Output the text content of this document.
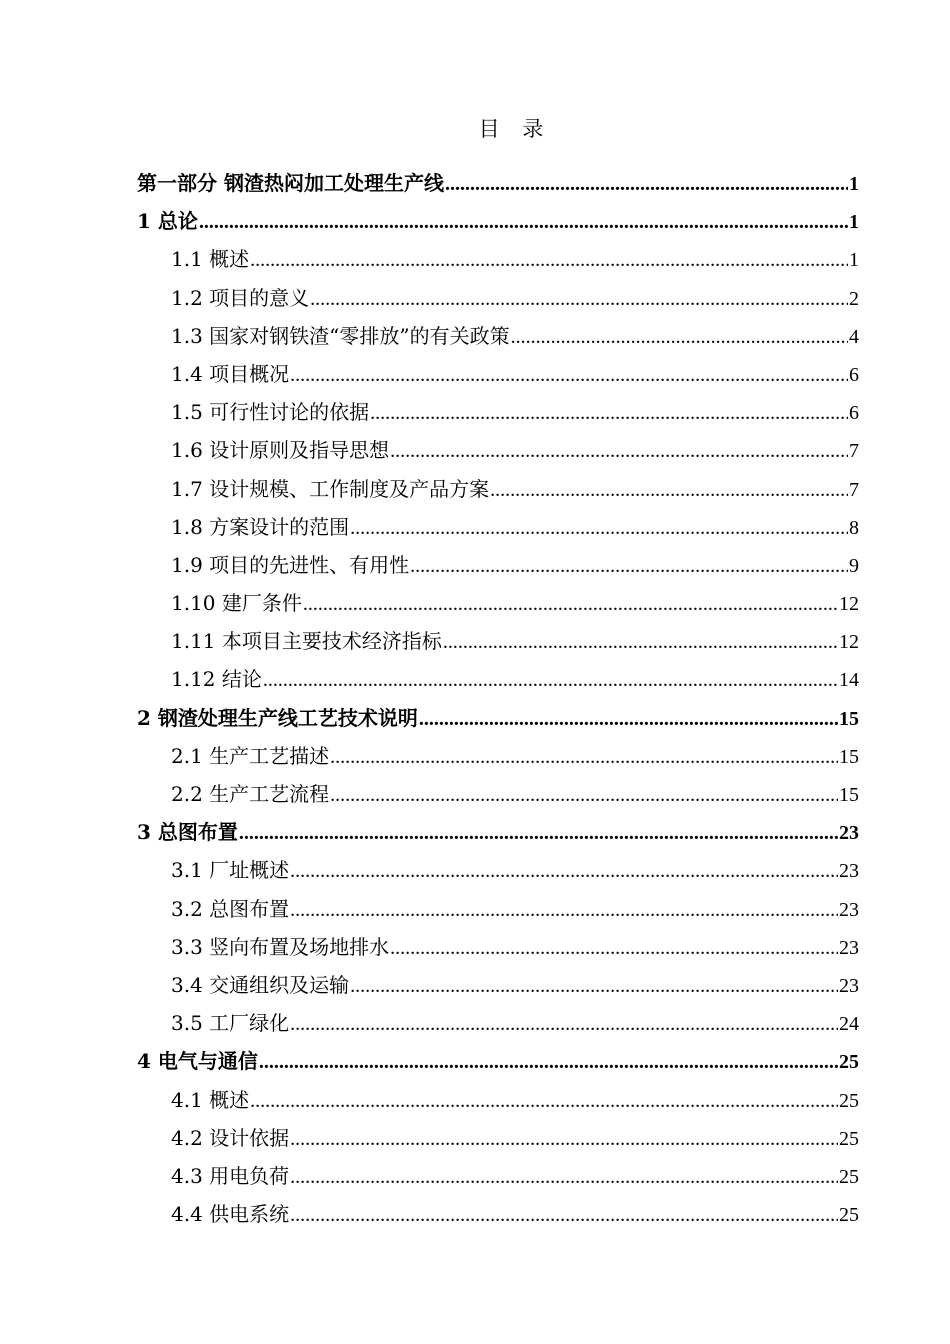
目 录
第一部分 钢渣热闷加工处理生产线 .....	1
1 总论 .....	1
1.1 概述 .....	1
1.2 项目的意义 .....	2
1.3 国家对钢铁渣“零排放”的有关政策 .....	4
1.4 项目概况 .....	6
1.5 可行性讨论的依据 .....	6
1.6 设计原则及指导思想 .....	7
1.7 设计规模、工作制度及产品方案 .....	7
1.8 方案设计的范围 .....	8
1.9 项目的先进性、有用性 .....	9
1.10 建厂条件 .....	12
1.11 本项目主要技术经济指标 .....	12
1.12 结论 .....	14
2 钢渣处理生产线工艺技术说明 .....	15
2.1 生产工艺描述 .....	15
2.2 生产工艺流程 .....	15
3 总图布置 .....	23
3.1 厂址概述 .....	23
3.2 总图布置 .....	23
3.3 竖向布置及场地排水 .....	23
3.4 交通组织及运输 .....	23
3.5 工厂绿化 .....	24
4 电气与通信 .....	25
4.1 概述 .....	25
4.2 设计依据 .....	25
4.3 用电负荷 .....	25
4.4 供电系统 .....	25
